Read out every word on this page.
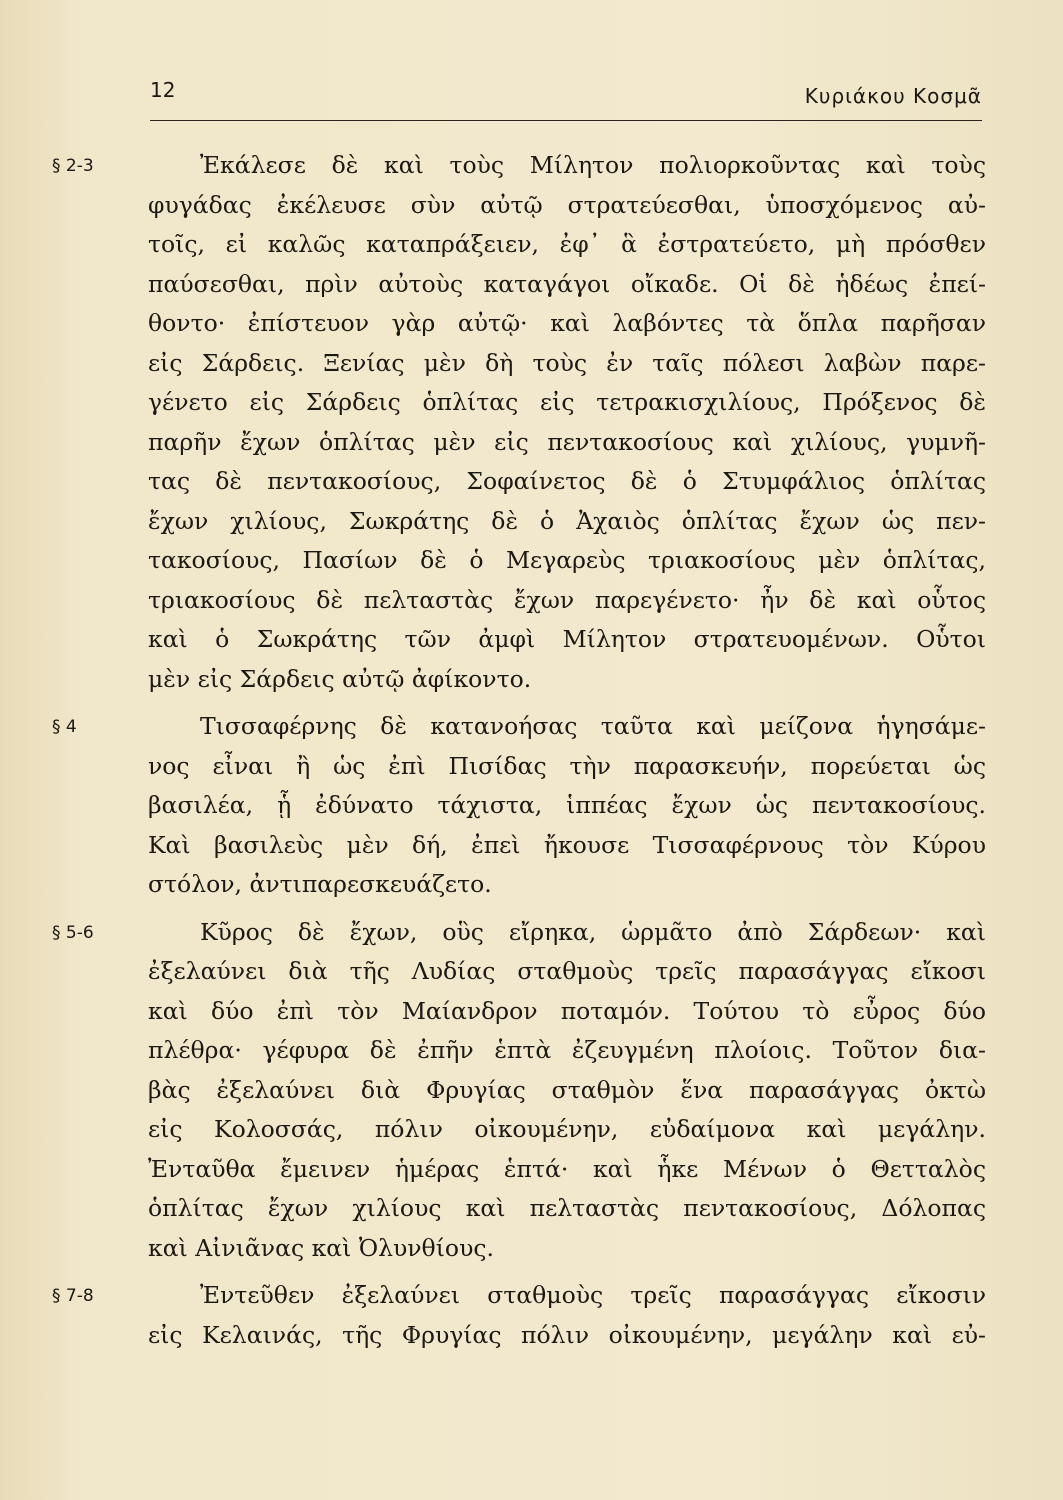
12	Κυριάκου Κοσμᾶ
§ 2-3	Ἐκάλεσε δὲ καὶ τοὺς Μίλητον πολιορκοῦντας καὶ τοὺς
φυγάδας ἐκέλευσε σὺν αὐτῷ στρατεύεσθαι, ὑποσχόμενος αὐ-
τοῖς, εἰ καλῶς καταπράξειεν, ἐφ᾽ ἃ ἐστρατεύετο, μὴ πρόσθεν
παύσεσθαι, πρὶν αὐτοὺς καταγάγοι οἴκαδε. Οἱ δὲ ἡδέως ἐπεί-
θοντο· ἐπίστευον γὰρ αὐτῷ· καὶ λαβόντες τὰ ὅπλα παρῆσαν
εἰς Σάρδεις. Ξενίας μὲν δὴ τοὺς ἐν ταῖς πόλεσι λαβὼν παρε-
γένετο εἰς Σάρδεις ὁπλίτας εἰς τετρακισχιλίους, Πρόξενος δὲ
παρῆν ἔχων ὁπλίτας μὲν εἰς πεντακοσίους καὶ χιλίους, γυμνῆ-
τας δὲ πεντακοσίους, Σοφαίνετος δὲ ὁ Στυμφάλιος ὁπλίτας
ἔχων χιλίους, Σωκράτης δὲ ὁ Ἀχαιὸς ὁπλίτας ἔχων ὡς πεν-
τακοσίους, Πασίων δὲ ὁ Μεγαρεὺς τριακοσίους μὲν ὁπλίτας,
τριακοσίους δὲ πελταστὰς ἔχων παρεγένετο· ἦν δὲ καὶ οὗτος
καὶ ὁ Σωκράτης τῶν ἀμφὶ Μίλητον στρατευομένων. Οὗτοι
μὲν εἰς Σάρδεις αὐτῷ ἀφίκοντο.
§ 4	Τισσαφέρνης δὲ κατανοήσας ταῦτα καὶ μείζονα ἡγησάμε-
νος εἶναι ἢ ὡς ἐπὶ Πισίδας τὴν παρασκευήν, πορεύεται ὡς
βασιλέα, ᾗ ἐδύνατο τάχιστα, ἱππέας ἔχων ὡς πεντακοσίους.
Καὶ βασιλεὺς μὲν δή, ἐπεὶ ἤκουσε Τισσαφέρνους τὸν Κύρου
στόλον, ἀντιπαρεσκευάζετο.
§ 5-6	Κῦρος δὲ ἔχων, οὓς εἴρηκα, ὡρμᾶτο ἀπὸ Σάρδεων· καὶ
ἐξελαύνει διὰ τῆς Λυδίας σταθμοὺς τρεῖς παρασάγγας εἴκοσι
καὶ δύο ἐπὶ τὸν Μαίανδρον ποταμόν. Τούτου τὸ εὖρος δύο
πλέθρα· γέφυρα δὲ ἐπῆν ἑπτὰ ἐζευγμένη πλοίοις. Τοῦτον δια-
βὰς ἐξελαύνει διὰ Φρυγίας σταθμὸν ἕνα παρασάγγας ὀκτὼ
εἰς Κολοσσάς, πόλιν οἰκουμένην, εὐδαίμονα καὶ μεγάλην.
Ἐνταῦθα ἔμεινεν ἡμέρας ἑπτά· καὶ ἧκε Μένων ὁ Θετταλὸς
ὁπλίτας ἔχων χιλίους καὶ πελταστὰς πεντακοσίους, Δόλοπας
καὶ Αἰνιᾶνας καὶ Ὀλυνθίους.
§ 7-8	Ἐντεῦθεν ἐξελαύνει σταθμοὺς τρεῖς παρασάγγας εἴκοσιν
εἰς Κελαινάς, τῆς Φρυγίας πόλιν οἰκουμένην, μεγάλην καὶ εὐ-
